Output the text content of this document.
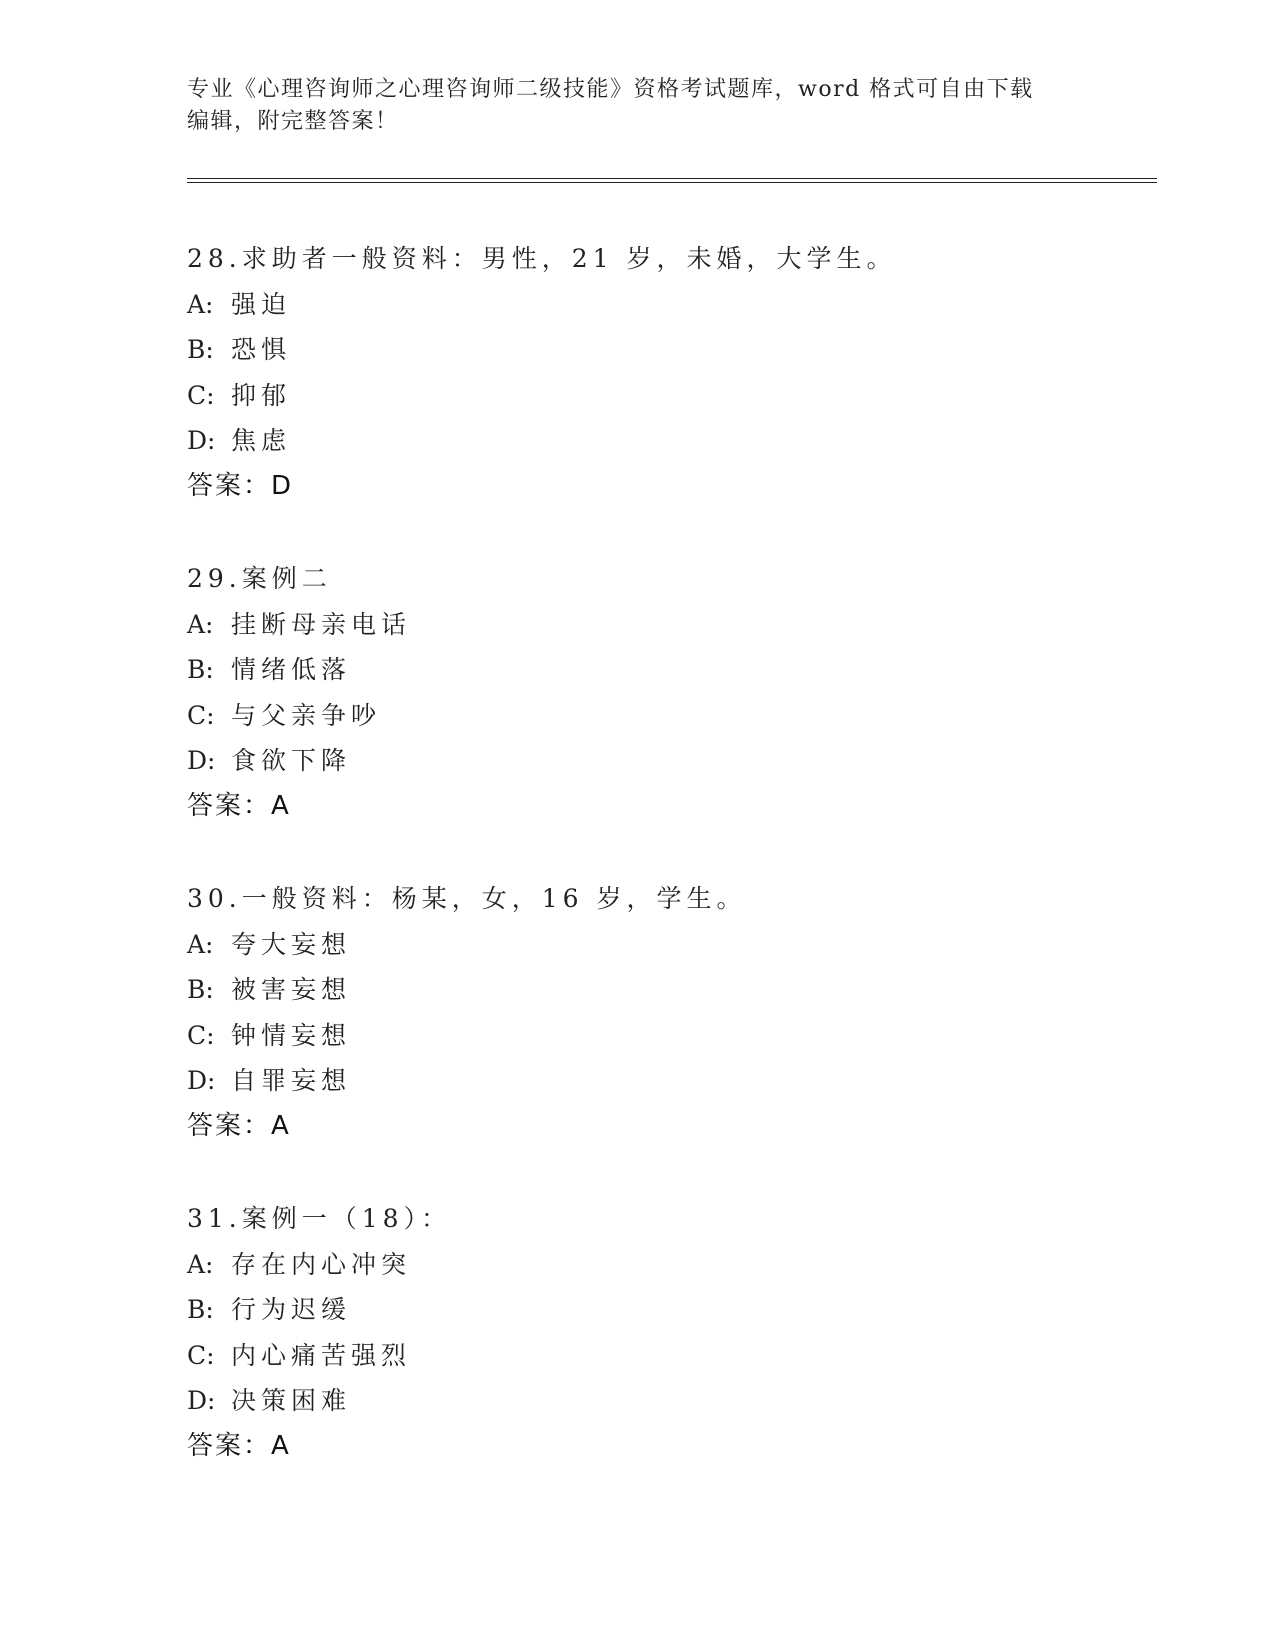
专业《心理咨询师之心理咨询师二级技能》资格考试题库，word 格式可自由下载
编辑，附完整答案！
28.求助者一般资料：男性，21 岁，未婚，大学生。
A: 强迫
B: 恐惧
C: 抑郁
D: 焦虑
答案：D
29.案例二
A: 挂断母亲电话
B: 情绪低落
C: 与父亲争吵
D: 食欲下降
答案：A
30.一般资料：杨某，女，16 岁，学生。
A: 夸大妄想
B: 被害妄想
C: 钟情妄想
D: 自罪妄想
答案：A
31.案例一（18）：
A: 存在内心冲突
B: 行为迟缓
C: 内心痛苦强烈
D: 决策困难
答案：A
